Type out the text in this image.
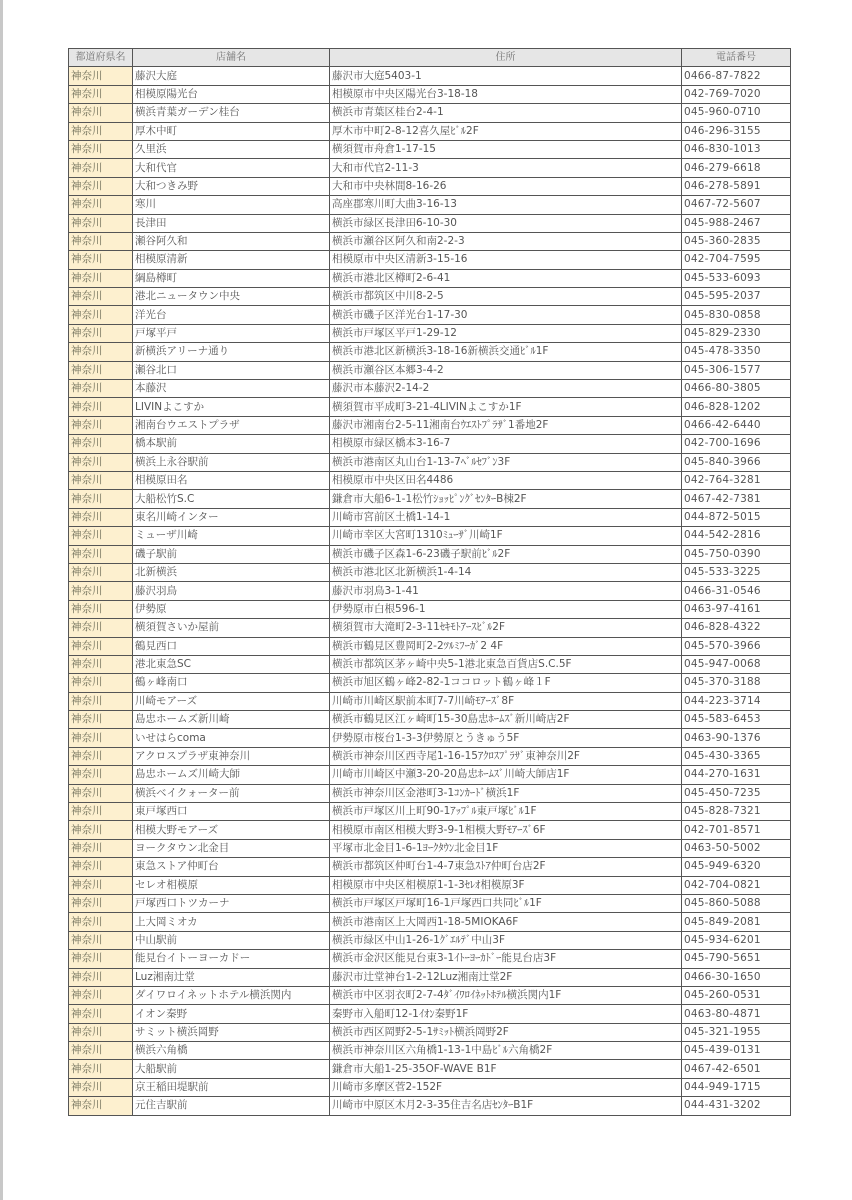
都道府県名	店舗名	住所	電話番号
神奈川	藤沢大庭	藤沢市大庭5403-1	0466-87-7822
神奈川	相模原陽光台	相模原市中央区陽光台3-18-18	042-769-7020
神奈川	横浜青葉ガーデン桂台	横浜市青葉区桂台2-4-1	045-960-0710
神奈川	厚木中町	厚木市中町2-8-12喜久屋ﾋﾞﾙ2F	046-296-3155
神奈川	久里浜	横須賀市舟倉1-17-15	046-830-1013
神奈川	大和代官	大和市代官2-11-3	046-279-6618
神奈川	大和つきみ野	大和市中央林間8-16-26	046-278-5891
神奈川	寒川	高座郡寒川町大曲3-16-13	0467-72-5607
神奈川	長津田	横浜市緑区長津田6-10-30	045-988-2467
神奈川	瀬谷阿久和	横浜市瀬谷区阿久和南2-2-3	045-360-2835
神奈川	相模原清新	相模原市中央区清新3-15-16	042-704-7595
神奈川	綱島樽町	横浜市港北区樽町2-6-41	045-533-6093
神奈川	港北ニュータウン中央	横浜市都筑区中川8-2-5	045-595-2037
神奈川	洋光台	横浜市磯子区洋光台1-17-30	045-830-0858
神奈川	戸塚平戸	横浜市戸塚区平戸1-29-12	045-829-2330
神奈川	新横浜アリーナ通り	横浜市港北区新横浜3-18-16新横浜交通ﾋﾞﾙ1F	045-478-3350
神奈川	瀬谷北口	横浜市瀬谷区本郷3-4-2	045-306-1577
神奈川	本藤沢	藤沢市本藤沢2-14-2	0466-80-3805
神奈川	LIVINよこすか	横須賀市平成町3-21-4LIVINよこすか1F	046-828-1202
神奈川	湘南台ウエストプラザ	藤沢市湘南台2-5-11湘南台ｳｴｽﾄﾌﾟﾗｻﾞ1番地2F	0466-42-6440
神奈川	橋本駅前	相模原市緑区橋本3-16-7	042-700-1696
神奈川	横浜上永谷駅前	横浜市港南区丸山台1-13-7ﾍﾞﾙｾﾌﾞﾝ3F	045-840-3966
神奈川	相模原田名	相模原市中央区田名4486	042-764-3281
神奈川	大船松竹S.C	鎌倉市大船6-1-1松竹ｼｮｯﾋﾟﾝｸﾞｾﾝﾀｰB棟2F	0467-42-7381
神奈川	東名川崎インター	川崎市宮前区土橋1-14-1	044-872-5015
神奈川	ミューザ川崎	川崎市幸区大宮町1310ﾐｭｰｻﾞ川崎1F	044-542-2816
神奈川	磯子駅前	横浜市磯子区森1-6-23磯子駅前ﾋﾞﾙ2F	045-750-0390
神奈川	北新横浜	横浜市港北区北新横浜1-4-14	045-533-3225
神奈川	藤沢羽鳥	藤沢市羽鳥3-1-41	0466-31-0546
神奈川	伊勢原	伊勢原市白根596-1	0463-97-4161
神奈川	横須賀さいか屋前	横須賀市大滝町2-3-11ｾｷﾓﾄｱｰｽﾋﾞﾙ2F	046-828-4322
神奈川	鶴見西口	横浜市鶴見区豊岡町2-2ﾂﾙﾐﾌｰｶﾞ2 4F	045-570-3966
神奈川	港北東急SC	横浜市都筑区茅ヶ崎中央5-1港北東急百貨店S.C.5F	045-947-0068
神奈川	鶴ヶ峰南口	横浜市旭区鶴ヶ峰2-82-1ココロット鶴ヶ峰１F	045-370-3188
神奈川	川崎モアーズ	川崎市川崎区駅前本町7-7川崎ﾓｱｰｽﾞ8F	044-223-3714
神奈川	島忠ホームズ新川崎	横浜市鶴見区江ヶ崎町15-30島忠ﾎｰﾑｽﾞ新川崎店2F	045-583-6453
神奈川	いせはらcoma	伊勢原市桜台1-3-3伊勢原とうきゅう5F	0463-90-1376
神奈川	アクロスプラザ東神奈川	横浜市神奈川区西寺尾1-16-15ｱｸﾛｽﾌﾟﾗｻﾞ東神奈川2F	045-430-3365
神奈川	島忠ホームズ川崎大師	川崎市川崎区中瀬3-20-20島忠ﾎｰﾑｽﾞ川崎大師店1F	044-270-1631
神奈川	横浜ベイクォーター前	横浜市神奈川区金港町3-1ｺﾝｶｰﾄﾞ横浜1F	045-450-7235
神奈川	東戸塚西口	横浜市戸塚区川上町90-1ｱｯﾌﾟﾙ東戸塚ﾋﾞﾙ1F	045-828-7321
神奈川	相模大野モアーズ	相模原市南区相模大野3-9-1相模大野ﾓｱｰｽﾞ6F	042-701-8571
神奈川	ヨークタウン北金目	平塚市北金目1-6-1ﾖｰｸﾀｳﾝ北金目1F	0463-50-5002
神奈川	東急ストア仲町台	横浜市都筑区仲町台1-4-7東急ｽﾄｱ仲町台店2F	045-949-6320
神奈川	セレオ相模原	相模原市中央区相模原1-1-3ｾﾚｵ相模原3F	042-704-0821
神奈川	戸塚西口トツカーナ	横浜市戸塚区戸塚町16-1戸塚西口共同ﾋﾞﾙ1F	045-860-5088
神奈川	上大岡ミオカ	横浜市港南区上大岡西1-18-5MIOKA6F	045-849-2081
神奈川	中山駅前	横浜市緑区中山1-26-1ｸﾞｴﾙﾃﾞ中山3F	045-934-6201
神奈川	能見台イトーヨーカドー	横浜市金沢区能見台東3-1ｲﾄｰﾖｰｶﾄﾞｰ能見台店3F	045-790-5651
神奈川	Luz湘南辻堂	藤沢市辻堂神台1-2-12Luz湘南辻堂2F	0466-30-1650
神奈川	ダイワロイネットホテル横浜関内	横浜市中区羽衣町2-7-4ﾀﾞｲﾜﾛｲﾈｯﾄﾎﾃﾙ横浜関内1F	045-260-0531
神奈川	イオン秦野	秦野市入船町12-1ｲｵﾝ秦野1F	0463-80-4871
神奈川	サミット横浜岡野	横浜市西区岡野2-5-1ｻﾐｯﾄ横浜岡野2F	045-321-1955
神奈川	横浜六角橋	横浜市神奈川区六角橋1-13-1中島ﾋﾞﾙ六角橋2F	045-439-0131
神奈川	大船駅前	鎌倉市大船1-25-35OF-WAVE B1F	0467-42-6501
神奈川	京王稲田堤駅前	川崎市多摩区菅2-152F	044-949-1715
神奈川	元住吉駅前	川崎市中原区木月2-3-35住吉名店ｾﾝﾀｰB1F	044-431-3202
